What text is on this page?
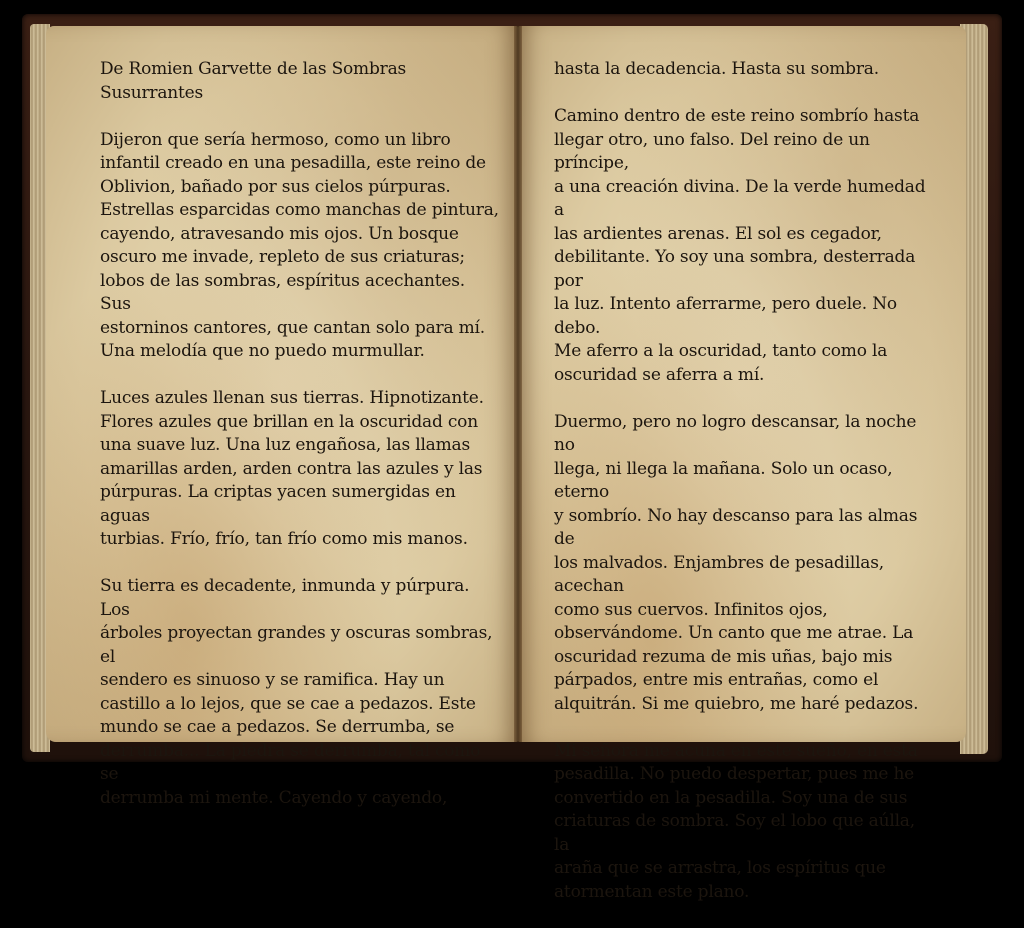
De Romien Garvette de las Sombras
Susurrantes

Dijeron que sería hermoso, como un libro
infantil creado en una pesadilla, este reino de
Oblivion, bañado por sus cielos púrpuras.
Estrellas esparcidas como manchas de pintura,
cayendo, atravesando mis ojos. Un bosque
oscuro me invade, repleto de sus criaturas;
lobos de las sombras, espíritus acechantes. Sus
estorninos cantores, que cantan solo para mí.
Una melodía que no puedo murmullar.

Luces azules llenan sus tierras. Hipnotizante.
Flores azules que brillan en la oscuridad con
una suave luz. Una luz engañosa, las llamas
amarillas arden, arden contra las azules y las
púrpuras. La criptas yacen sumergidas en aguas
turbias. Frío, frío, tan frío como mis manos.

Su tierra es decadente, inmunda y púrpura. Los
árboles proyectan grandes y oscuras sombras, el
sendero es sinuoso y se ramifica. Hay un
castillo a lo lejos, que se cae a pedazos. Este
mundo se cae a pedazos. Se derrumba, se
derrumba... La piedra se derrumba, tal como se
derrumba mi mente. Cayendo y cayendo,

hasta la decadencia. Hasta su sombra.

Camino dentro de este reino sombrío hasta
llegar otro, uno falso. Del reino de un príncipe,
a una creación divina. De la verde humedad a
las ardientes arenas. El sol es cegador,
debilitante. Yo soy una sombra, desterrada por
la luz. Intento aferrarme, pero duele. No debo.
Me aferro a la oscuridad, tanto como la
oscuridad se aferra a mí.

Duermo, pero no logro descansar, la noche no
llega, ni llega la mañana. Solo un ocaso, eterno
y sombrío. No hay descanso para las almas de
los malvados. Enjambres de pesadillas, acechan
como sus cuervos. Infinitos ojos,
observándome. Un canto que me atrae. La
oscuridad rezuma de mis uñas, bajo mis
párpados, entre mis entrañas, como el
alquitrán. Si me quiebro, me haré pedazos.

Mi señora me acuna en este sueño, en esta
pesadilla. No puedo despertar, pues me he
convertido en la pesadilla. Soy una de sus
criaturas de sombra. Soy el lobo que aúlla, la
araña que se arrastra, los espíritus que
atormentan este plano.
